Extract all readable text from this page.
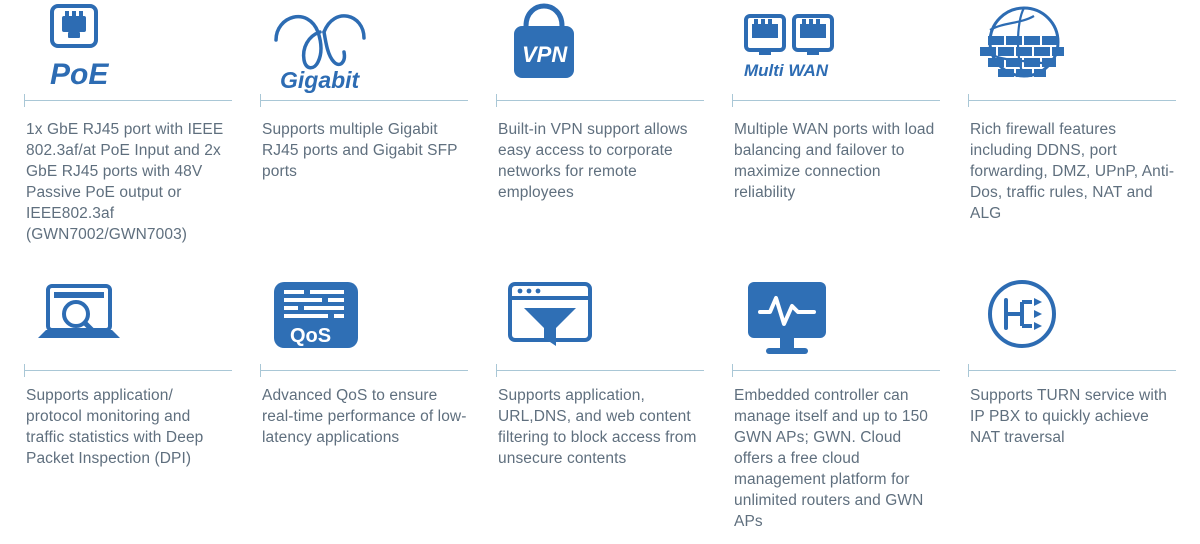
PoE
1x GbE RJ45 port with IEEE 802.3af/at PoE Input and 2x GbE RJ45 ports with 48V Passive PoE output or IEEE802.3af (GWN7002/GWN7003)
Gigabit
Supports multiple Gigabit RJ45 ports and Gigabit SFP ports
VPN
Built-in VPN support allows easy access to corporate networks for remote employees
Multi WAN
Multiple WAN ports with load balancing and failover to maximize connection reliability
Rich firewall features including DDNS, port forwarding, DMZ, UPnP, Anti-Dos, traffic rules, NAT and ALG
Supports application/ protocol monitoring and traffic statistics with Deep Packet Inspection (DPI)
QoS
Advanced QoS to ensure real-time performance of low-latency applications
Supports application, URL,DNS, and web content filtering to block access from unsecure contents
Embedded controller can manage itself and up to 150 GWN APs; GWN. Cloud offers a free cloud management platform for unlimited routers and GWN APs
Supports TURN service with IP PBX to quickly achieve NAT traversal
